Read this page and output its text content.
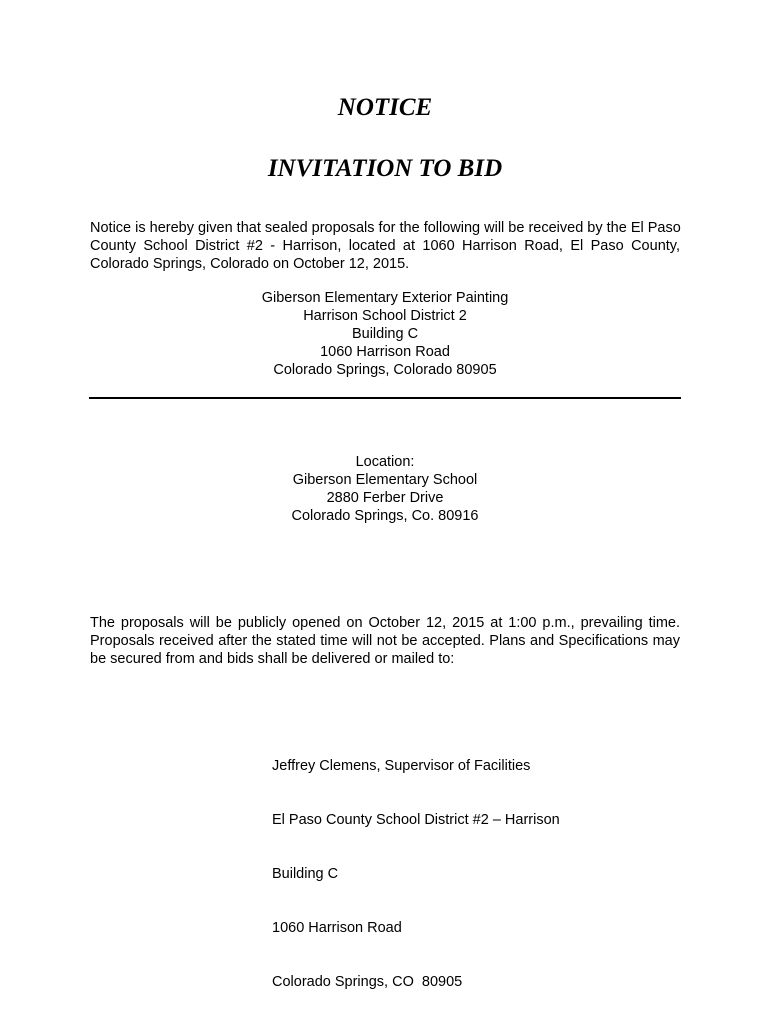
NOTICE
INVITATION TO BID

Notice is hereby given that sealed proposals for the following will be received by the El Paso
County School District #2 - Harrison, located at 1060 Harrison Road, El Paso County,
Colorado Springs, Colorado on October 12, 2015.

Giberson Elementary Exterior Painting
Harrison School District 2
Building C
1060 Harrison Road
Colorado Springs, Colorado 80905
Location:
Giberson Elementary School
2880 Ferber Drive
Colorado Springs, Co. 80916

The proposals will be publicly opened on October 12, 2015 at 1:00 p.m., prevailing time.
Proposals received after the stated time will not be accepted. Plans and Specifications may
be secured from and bids shall be delivered or mailed to:

Jeffrey Clemens, Supervisor of Facilities

El Paso County School District #2 – Harrison

Building C

1060 Harrison Road

Colorado Springs, CO  80905
